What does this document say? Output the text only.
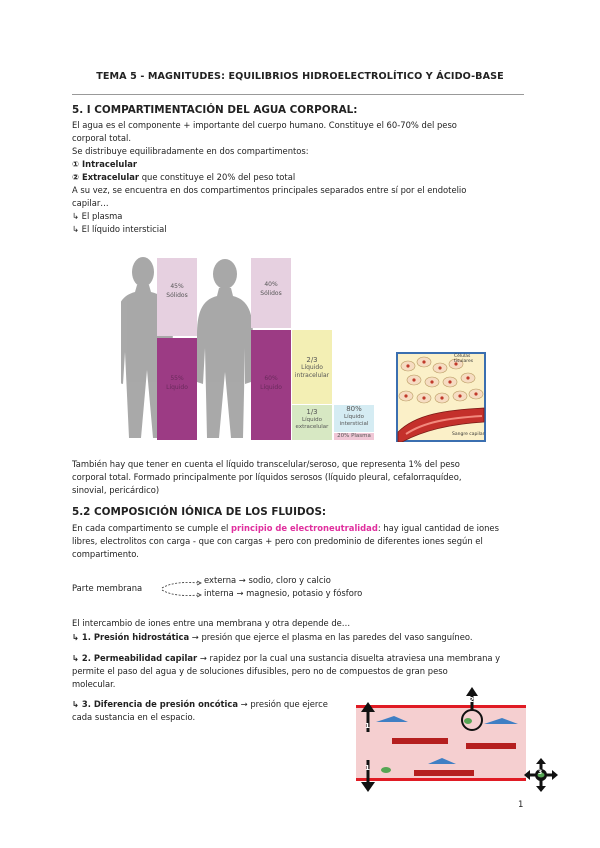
TEMA 5 - MAGNITUDES: EQUILIBRIOS HIDROELECTROLÍTICO Y ÁCIDO-BASE
5. I COMPARTIMENTACIÓN DEL AGUA CORPORAL:
El agua es el componente + importante del cuerpo humano. Constituye el 60-70% del peso
corporal total.
Se distribuye equilibradamente en dos compartimentos:
① Intracelular
② Extracelular que constituye el 20% del peso total
A su vez, se encuentra en dos compartimentos principales separados entre sí por el endotelio
capilar…
↳ El plasma
↳ El líquido intersticial
45%
Sólidos
55%
Líquido
40%
Sólidos
60%
Líquido
2/3
Líquido
intracelular
1/3
Líquido
extracelular
80%
Líquido
intersticial
20% Plasma
Células
tisulares
Sangre capilar
También hay que tener en cuenta el líquido transcelular/seroso, que representa 1% del peso
corporal total. Formado principalmente por líquidos serosos (líquido pleural, cefalorraquídeo,
sinovial, pericárdico)
5.2 COMPOSICIÓN IÓNICA DE LOS FLUIDOS:
En cada compartimento se cumple el principio de electroneutralidad: hay igual cantidad de iones
libres, electrolitos con carga - que con cargas + pero con predominio de diferentes iones según el
compartimento.
Parte membrana
externa → sodio, cloro y calcio
interna → magnesio, potasio y fósforo
El intercambio de iones entre una membrana y otra depende de…
↳ 1. Presión hidrostática → presión que ejerce el plasma en las paredes del vaso sanguíneo.
↳ 2. Permeabilidad capilar → rapidez por la cual una sustancia disuelta atraviesa una membrana y
permite el paso del agua y de soluciones difusibles, pero no de compuestos de gran peso
molecular.
↳ 3. Diferencia de presión oncótica → presión que ejerce
cada sustancia en el espacio.
1
1
2
3
1
